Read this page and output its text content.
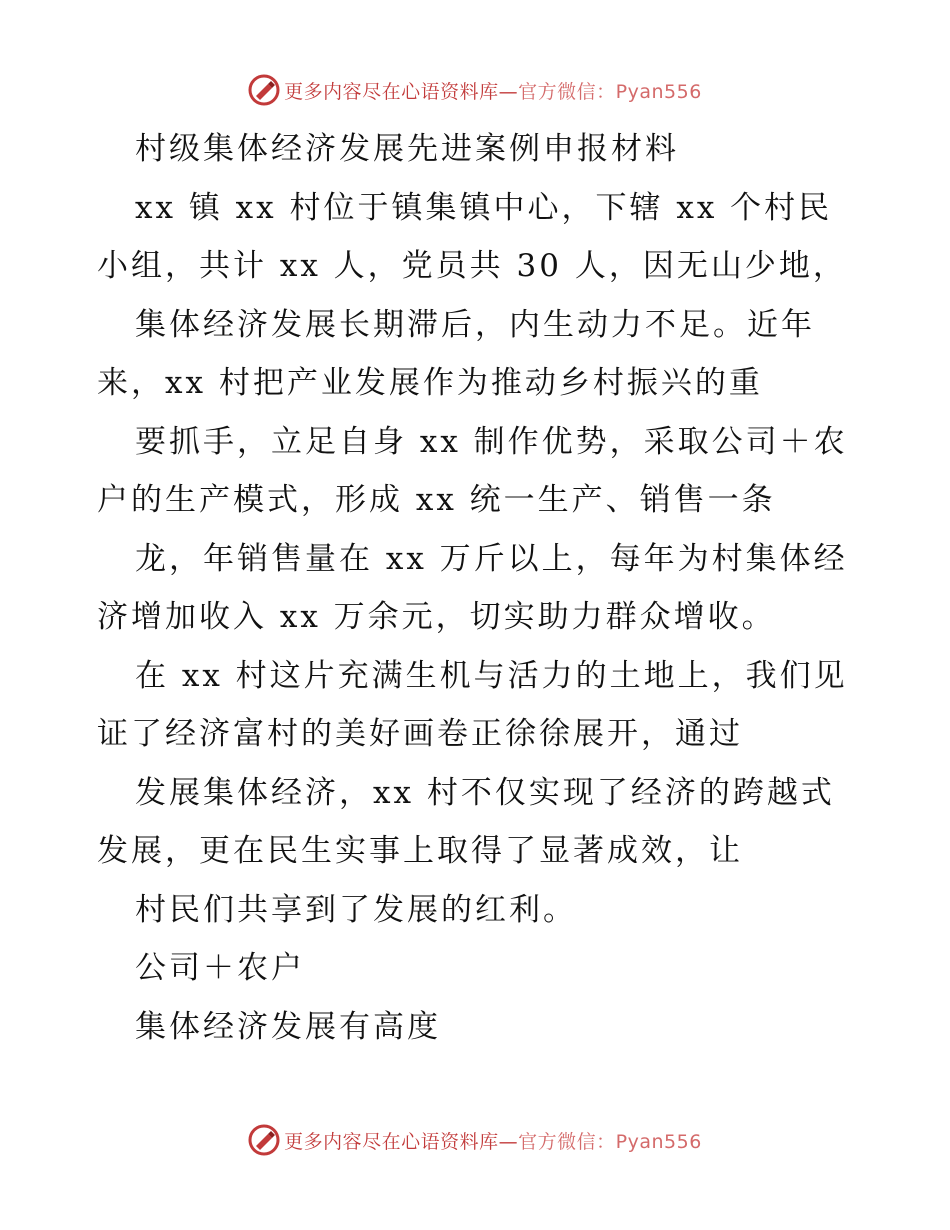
更多内容尽在心语资料库—官方微信：Pyan556
村级集体经济发展先进案例申报材料
xx 镇 xx 村位于镇集镇中心，下辖 xx 个村民
小组，共计 xx 人，党员共 30 人，因无山少地，
集体经济发展长期滞后，内生动力不足。近年
来，xx 村把产业发展作为推动乡村振兴的重
要抓手，立足自身 xx 制作优势，采取公司＋农
户的生产模式，形成 xx 统一生产、销售一条
龙，年销售量在 xx 万斤以上，每年为村集体经
济增加收入 xx 万余元，切实助力群众增收。
在 xx 村这片充满生机与活力的土地上，我们见
证了经济富村的美好画卷正徐徐展开，通过
发展集体经济，xx 村不仅实现了经济的跨越式
发展，更在民生实事上取得了显著成效，让
村民们共享到了发展的红利。
公司＋农户
集体经济发展有高度
更多内容尽在心语资料库—官方微信：Pyan556
